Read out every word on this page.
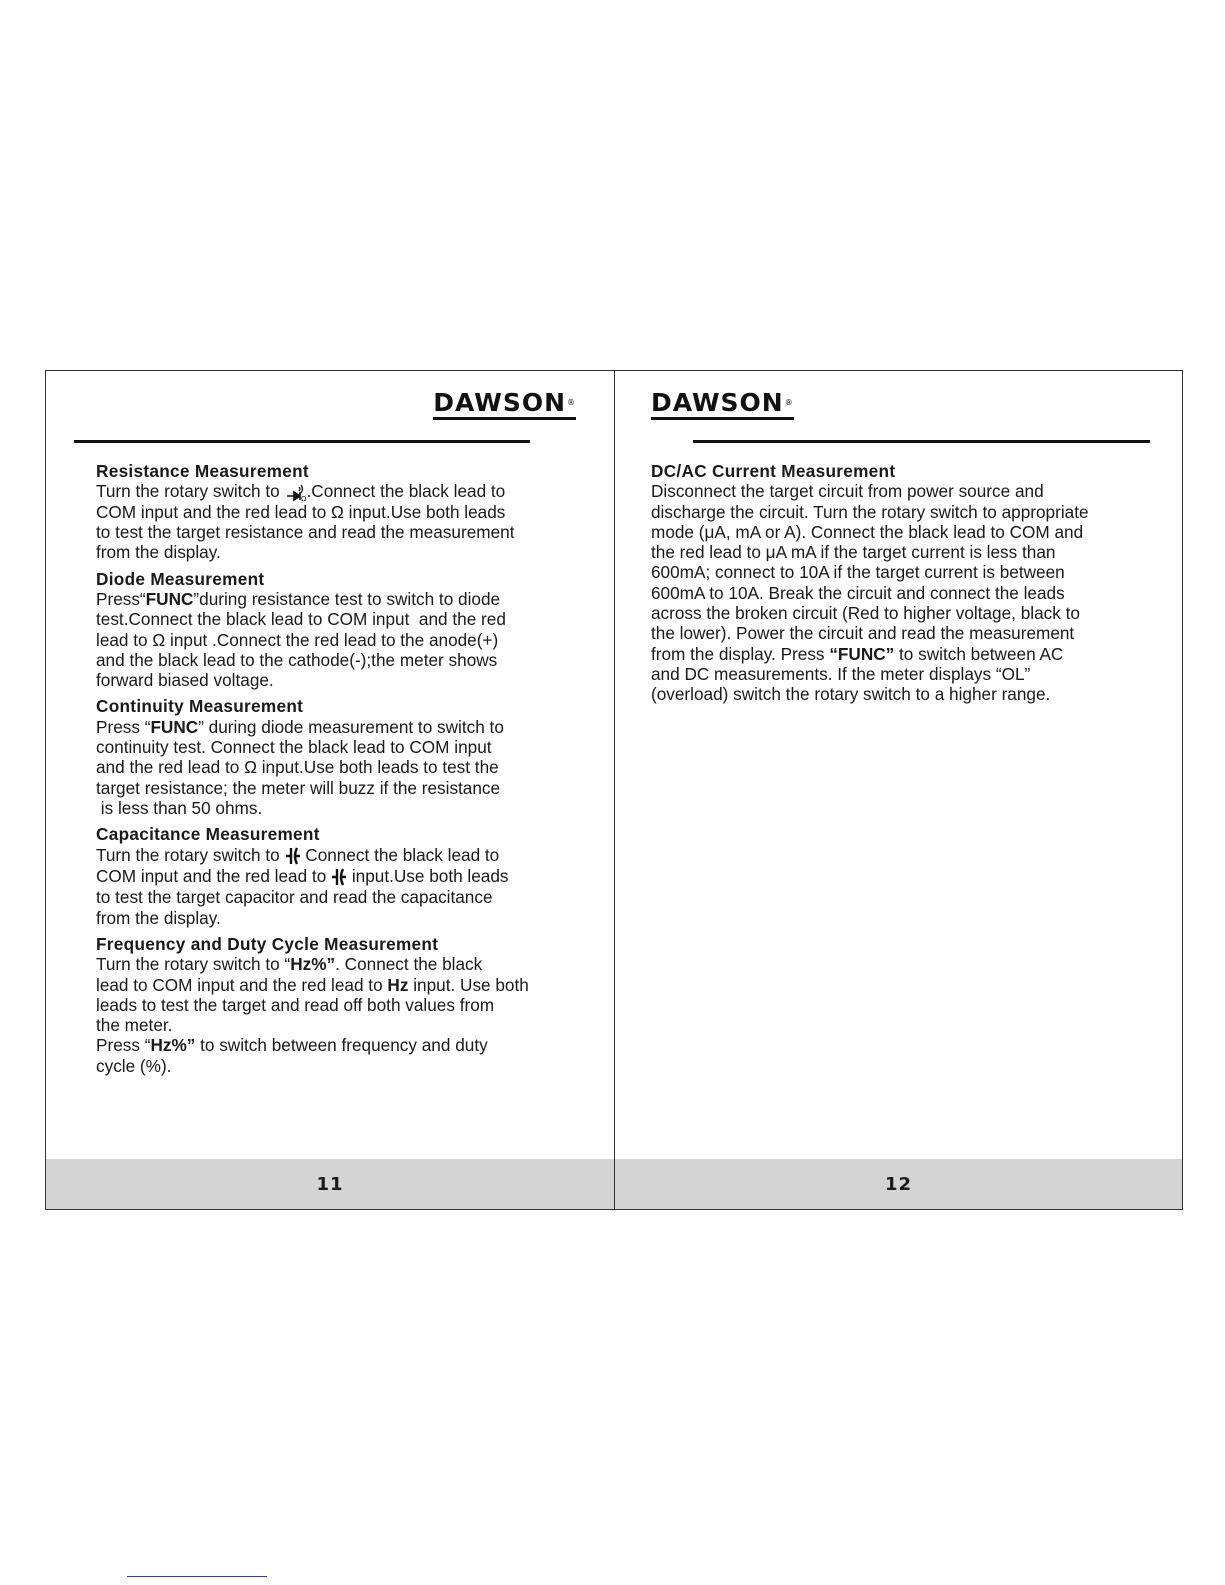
DAWSON®
Resistance Measurement
Turn the rotary switch to Ω .Connect the black lead to
COM input and the red lead to Ω input.Use both leads
to test the target resistance and read the measurement
from the display.
Diode Measurement
Press“FUNC”during resistance test to switch to diode
test.Connect the black lead to COM input  and the red
lead to Ω input .Connect the red lead to the anode(+)
and the black lead to the cathode(-);the meter shows
forward biased voltage.
Continuity Measurement
Press “FUNC” during diode measurement to switch to
continuity test. Connect the black lead to COM input
and the red lead to Ω input.Use both leads to test the
target resistance; the meter will buzz if the resistance
is less than 50 ohms.
Capacitance Measurement
Turn the rotary switch to  Connect the black lead to
COM input and the red lead to  input.Use both leads
to test the target capacitor and read the capacitance
from the display.
Frequency and Duty Cycle Measurement
Turn the rotary switch to “Hz%”. Connect the black
lead to COM input and the red lead to Hz input. Use both
leads to test the target and read off both values from
the meter.
Press “Hz%” to switch between frequency and duty
cycle (%).
11
DAWSON®
DC/AC Current Measurement
Disconnect the target circuit from power source and
discharge the circuit. Turn the rotary switch to appropriate
mode (μA, mA or A). Connect the black lead to COM and
the red lead to μA mA if the target current is less than
600mA; connect to 10A if the target current is between
600mA to 10A. Break the circuit and connect the leads
across the broken circuit (Red to higher voltage, black to
the lower). Power the circuit and read the measurement
from the display. Press “FUNC” to switch between AC
and DC measurements. If the meter displays “OL”
(overload) switch the rotary switch to a higher range.
12
